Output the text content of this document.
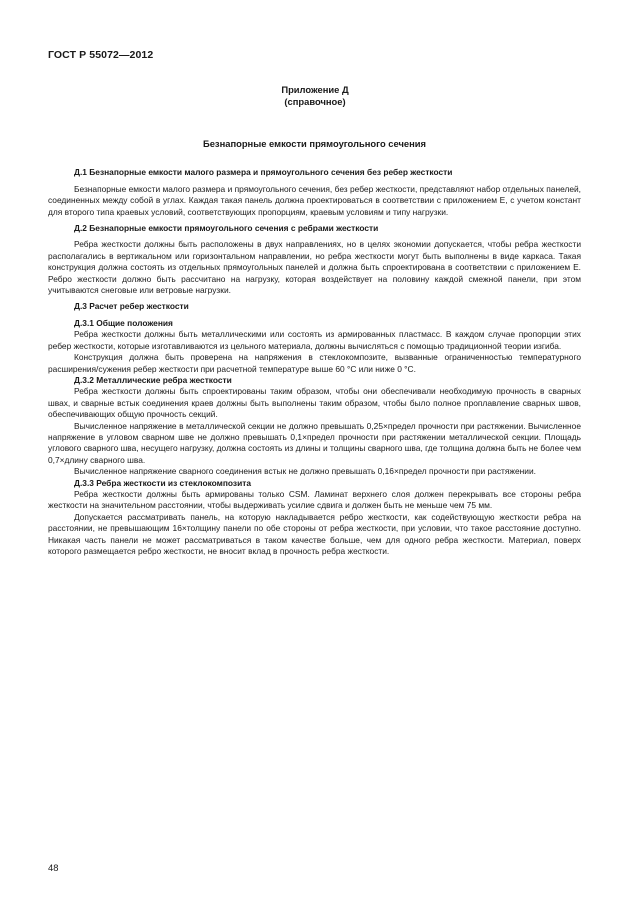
ГОСТ Р 55072—2012
Приложение Д
(справочное)
Безнапорные емкости прямоугольного сечения
Д.1 Безнапорные емкости малого размера и прямоугольного сечения без ребер жесткости

Безнапорные емкости малого размера и прямоугольного сечения, без ребер жесткости, представляют набор отдельных панелей, соединенных между собой в углах. Каждая такая панель должна проектироваться в соответствии с приложением Е, с учетом констант для второго типа краевых условий, соответствующих пропорциям, краевым условиям и типу нагрузки.

Д.2 Безнапорные емкости прямоугольного сечения с ребрами жесткости

Ребра жесткости должны быть расположены в двух направлениях, но в целях экономии допускается, чтобы ребра жесткости располагались в вертикальном или горизонтальном направлении, но ребра жесткости могут быть выполнены в виде каркаса. Такая конструкция должна состоять из отдельных прямоугольных панелей и должна быть спроектирована в соответствии с приложением Е. Ребро жесткости должно быть рассчитано на нагрузку, которая воздействует на половину каждой смежной панели, при этом учитываются снеговые или ветровые нагрузки.

Д.3 Расчет ребер жесткости
Д.3.1 Общие положения

Ребра жесткости должны быть металлическими или состоять из армированных пластмасс. В каждом случае пропорции этих ребер жесткости, которые изготавливаются из цельного материала, должны вычисляться с помощью традиционной теории изгиба.

Конструкция должна быть проверена на напряжения в стеклокомпозите, вызванные ограниченностью температурного расширения/сужения ребер жесткости при расчетной температуре выше 60 °С или ниже 0 °С.

Д.3.2 Металлические ребра жесткости

Ребра жесткости должны быть спроектированы таким образом, чтобы они обеспечивали необходимую прочность в сварных швах, и сварные встык соединения краев должны быть выполнены таким образом, чтобы было полное проплавление сварных швов, обеспечивающих общую прочность секций.

Вычисленное напряжение в металлической секции не должно превышать 0,25×предел прочности при растяжении. Вычисленное напряжение в угловом сварном шве не должно превышать 0,1×предел прочности при растяжении металлической секции. Площадь углового сварного шва, несущего нагрузку, должна состоять из длины и толщины сварного шва, где толщина должна быть не более чем 0,7×длину сварного шва.

Вычисленное напряжение сварного соединения встык не должно превышать 0,16×предел прочности при растяжении.

Д.3.3 Ребра жесткости из стеклокомпозита

Ребра жесткости должны быть армированы только CSM. Ламинат верхнего слоя должен перекрывать все стороны ребра жесткости на значительном расстоянии, чтобы выдерживать усилие сдвига и должен быть не меньше чем 75 мм.

Допускается рассматривать панель, на которую накладывается ребро жесткости, как содействующую жесткости ребра на расстоянии, не превышающим 16×толщину панели по обе стороны от ребра жесткости, при условии, что такое расстояние доступно. Никакая часть панели не может рассматриваться в таком качестве больше, чем для одного ребра жесткости. Материал, поверх которого размещается ребро жесткости, не вносит вклад в прочность ребра жесткости.

48
